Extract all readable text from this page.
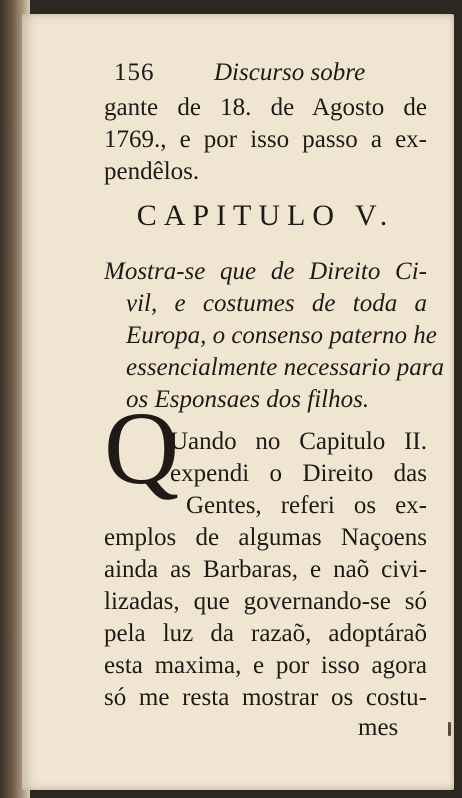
156 Discurso sobre
gante de 18. de Agosto de
1769., e por isso passo a ex-
pendêlos.
CAPITULO V.
Mostra-se que de Direito Ci-
vil, e costumes de toda a
Europa, o consenso paterno he
essencialmente necessario para
os Esponsaes dos filhos.
Q
Uando no Capitulo II.
expendi o Direito das
Gentes, referi os ex-
emplos de algumas Naçoens
ainda as Barbaras, e naõ civi-
lizadas, que governando-se só
pela luz da razaõ, adoptáraõ
esta maxima, e por isso agora
só me resta mostrar os costu-
mes
